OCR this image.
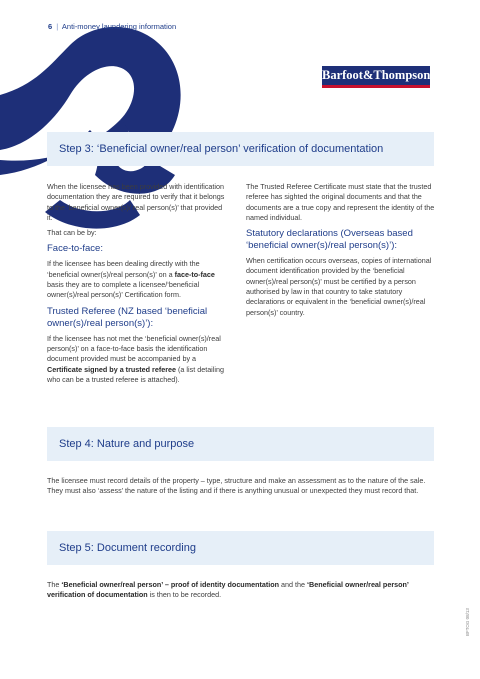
6 | Anti-money laundering information
Barfoot&Thompson
Step 3: ‘Beneficial owner/real person’ verification of documentation

When the licensee has been provided with identification documentation they are required to verify that it belongs to the ‘beneficial owner(s)/ real person(s)’ that provided it.

That can be by:

Face-to-face:

If the licensee has been dealing directly with the ‘beneficial owner(s)/real person(s)’ on a face-to-face basis they are to complete a licensee/‘beneficial owner(s)/real person(s)’ Certification form.

Trusted Referee (NZ based ‘beneficial owner(s)/real person(s)’):

If the licensee has not met the ‘beneficial owner(s)/real person(s)’ on a face-to-face basis the identification document provided must be accompanied by a Certificate signed by a trusted referee (a list detailing who can be a trusted referee is attached).

The Trusted Referee Certificate must state that the trusted referee has sighted the original documents and that the documents are a true copy and represent the identity of the named individual.

Statutory declarations (Overseas based ‘beneficial owner(s)/real person(s)’):

When certification occurs overseas, copies of international document identification provided by the ‘beneficial owner(s)/real person(s)’ must be certified by a person authorised by law in that country to take statutory declarations or equivalent in the ‘beneficial owner(s)/real person(s)’ country.

Step 4: Nature and purpose
The licensee must record details of the property – type, structure and make an assessment as to the nature of the sale. They must also ‘assess’ the nature of the listing and if there is anything unusual or unexpected they must record that.
Step 5: Document recording
The ‘Beneficial owner/real person’ – proof of identity documentation and the ‘Beneficial owner/real person’ verification of documentation is then to be recorded.
BFTOG 08/13
